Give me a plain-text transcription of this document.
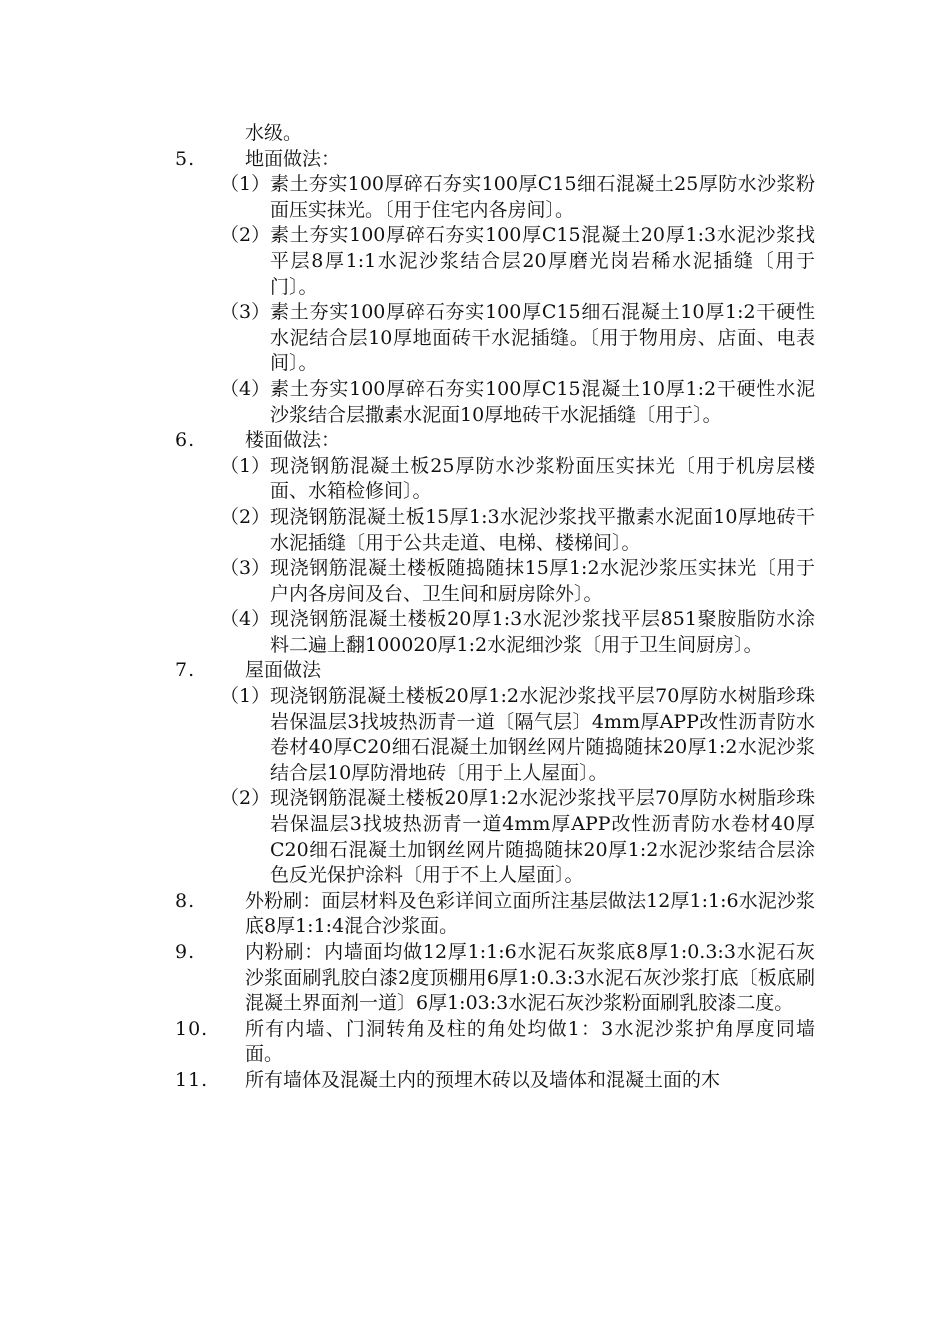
水级。
5.	地面做法：
（1） 素土夯实100厚碎石夯实100厚C15细石混凝土25厚防水沙浆粉面压实抹光。〔用于住宅内各房间〕。
（2） 素土夯实100厚碎石夯实100厚C15混凝土20厚1:3水泥沙浆找平层8厚1:1水泥沙浆结合层20厚磨光岗岩稀水泥插缝〔用于门〕。
（3） 素土夯实100厚碎石夯实100厚C15细石混凝土10厚1:2干硬性水泥结合层10厚地面砖干水泥插缝。〔用于物用房、店面、电表间〕。
（4） 素土夯实100厚碎石夯实100厚C15混凝土10厚1:2干硬性水泥沙浆结合层撒素水泥面10厚地砖干水泥插缝〔用于〕。
6.	楼面做法：
（1） 现浇钢筋混凝土板25厚防水沙浆粉面压实抹光〔用于机房层楼面、水箱检修间〕。
（2） 现浇钢筋混凝土板15厚1:3水泥沙浆找平撒素水泥面10厚地砖干水泥插缝〔用于公共走道、电梯、楼梯间〕。
（3） 现浇钢筋混凝土楼板随捣随抹15厚1:2水泥沙浆压实抹光〔用于户内各房间及台、卫生间和厨房除外〕。
（4） 现浇钢筋混凝土楼板20厚1:3水泥沙浆找平层851聚胺脂防水涂料二遍上翻100020厚1:2水泥细沙浆〔用于卫生间厨房〕。
7.	屋面做法
（1） 现浇钢筋混凝土楼板20厚1:2水泥沙浆找平层70厚防水树脂珍珠岩保温层3找坡热沥青一道〔隔气层〕4mm厚APP改性沥青防水卷材40厚C20细石混凝土加钢丝网片随捣随抹20厚1:2水泥沙浆结合层10厚防滑地砖〔用于上人屋面〕。
（2） 现浇钢筋混凝土楼板20厚1:2水泥沙浆找平层70厚防水树脂珍珠岩保温层3找坡热沥青一道4mm厚APP改性沥青防水卷材40厚C20细石混凝土加钢丝网片随捣随抹20厚1:2水泥沙浆结合层涂色反光保护涂料〔用于不上人屋面〕。
8.	外粉刷：面层材料及色彩详间立面所注基层做法12厚1:1:6水泥沙浆底8厚1:1:4混合沙浆面。
9.	内粉刷：内墙面均做12厚1:1:6水泥石灰浆底8厚1:0.3:3水泥石灰沙浆面刷乳胶白漆2度顶棚用6厚1:0.3:3水泥石灰沙浆打底〔板底刷混凝土界面剂一道〕6厚1:03:3水泥石灰沙浆粉面刷乳胶漆二度。
10.	所有内墙、门洞转角及柱的角处均做1：3水泥沙浆护角厚度同墙面。
11.	所有墙体及混凝土内的预埋木砖以及墙体和混凝土面的木
